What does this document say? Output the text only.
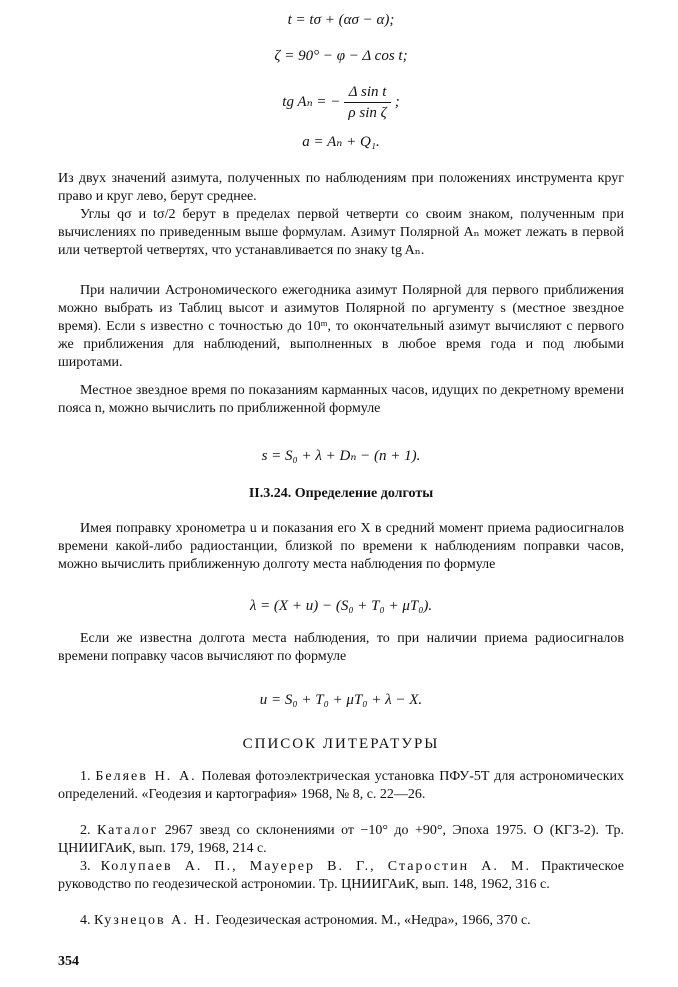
t = tσ + (ασ − α);
ζ = 90° − φ − Δ cos t;
tg Aₙ = − $\frac{\text{Δ sin t}}{\text{ρ sin ζ}}$ ;
a = Aₙ + Q₁.

Из двух значений азимута, полученных по наблюдениям при положениях инструмента круг право и круг лево, берут среднее.

Углы qσ и tσ/2 берут в пределах первой четверти со своим знаком, полученным при вычислениях по приведенным выше формулам. Азимут Полярной Aₙ может лежать в первой или четвертой четвертях, что устанавливается по знаку tg Aₙ.

При наличии Астрономического ежегодника азимут Полярной для первого приближения можно выбрать из Таблиц высот и азимутов Полярной по аргументу s (местное звездное время). Если s известно с точностью до 10ᵐ, то окончательный азимут вычисляют с первого же приближения для наблюдений, выполненных в любое время года и под любыми широтами.

Местное звездное время по показаниям карманных часов, идущих по декретному времени пояса n, можно вычислить по приближенной формуле

s = S₀ + λ + Dₙ − (n + 1).
II.3.24. Определение долготы

Имея поправку хронометра u и показания его X в средний момент приема радиосигналов времени какой-либо радиостанции, близкой по времени к наблюдениям поправки часов, можно вычислить приближенную долготу места наблюдения по формуле

λ = (X + u) − (S₀ + T₀ + μT₀).

Если же известна долгота места наблюдения, то при наличии приема радиосигналов времени поправку часов вычисляют по формуле

u = S₀ + T₀ + μT₀ + λ − X.
СПИСОК ЛИТЕРАТУРЫ

1. Беляев Н. А. Полевая фотоэлектрическая установка ПФУ-5Т для астрономических определений. «Геодезия и картография» 1968, № 8, с. 22—26.

2. Каталог 2967 звезд со склонениями от −10° до +90°, Эпоха 1975. О (КГЗ-2). Тр. ЦНИИГАиК, вып. 179, 1968, 214 с.

3. Колупаев А. П., Мауерер В. Г., Старостин А. М. Практическое руководство по геодезической астрономии. Тр. ЦНИИГАиК, вып. 148, 1962, 316 с.

4. Кузнецов А. Н. Геодезическая астрономия. М., «Недра», 1966, 370 с.

354
